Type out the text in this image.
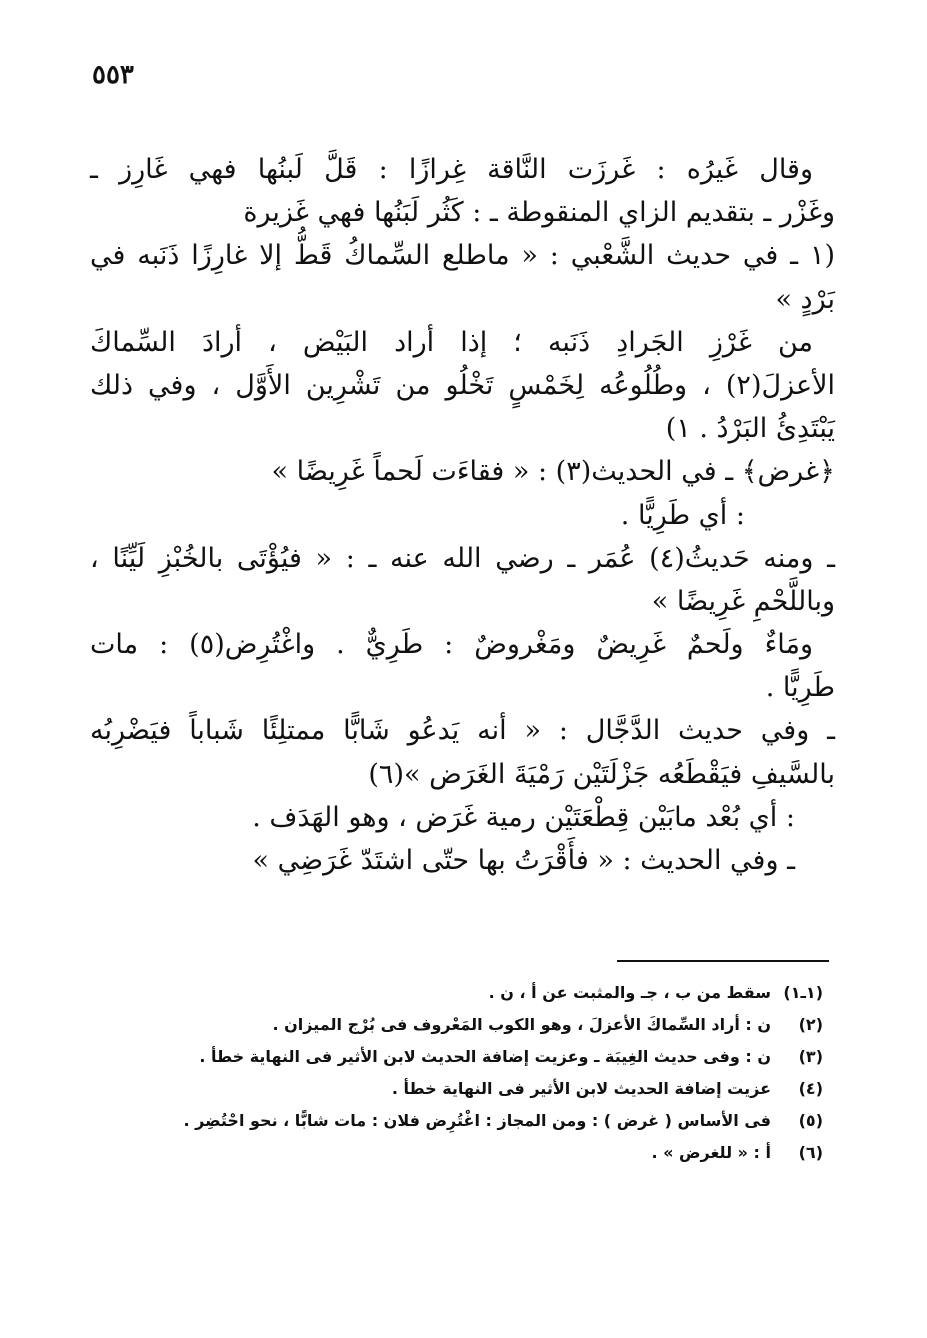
٥٥٣
وقال غَيرُه : غَرزَت النَّاقة غِرازًا : قَلَّ لَبنُها فهي غَارِز ـ
وغَزْر ـ بتقديم الزاي المنقوطة ـ : كَثُر لَبَنُها فهي غَزيرة
(١ ـ في حديث الشَّعْبي : « ماطلع السِّماكُ قَطُّ إلا غارِزًا ذَنَبه في
بَرْدٍ »
من غَرْزِ الجَرادِ ذَنَبه ؛ إذا أراد البَيْض ، أرادَ السِّماكَ
الأعزلَ(٢) ، وطُلُوعُه لِخَمْسٍ تَخْلُو من تَشْرِين الأَوَّل ، وفي ذلك
يَبْتَدِئُ البَرْدُ . ١)
﴿غرض﴾ ـ في الحديث(٣) : « فقاءَت لَحماً غَرِيضًا »
: أي طَرِيًّا .
ـ ومنه حَديثُ(٤) عُمَر ـ رضي الله عنه ـ : « فيُؤْتَى بالخُبْزِ لَيِّنًا ،
وباللَّحْمِ غَرِيضًا »
ومَاءٌ ولَحمٌ غَرِيضٌ ومَغْروضٌ : طَرِيٌّ . واغْتُرِض(٥) : مات
طَرِيًّا .
ـ وفي حديث الدَّجَّال : « أنه يَدعُو شَابًّا ممتلِئًا شَباباً فيَضْرِبُه
بالسَّيفِ فيَقْطَعُه جَزْلَتَيْن رَمْيَةَ الغَرَض »(٦)
: أي بُعْد مابَيْن قِطْعَتَيْن رمية غَرَض ، وهو الهَدَف .
ـ وفي الحديث : « فأَقْرَتُ بها حتّى اشتَدّ غَرَضِي »
(١ـ١)
سقط من ب ، جـ والمثبت عن أ ، ن .
(٢)
ن : أراد السِّماكَ الأعزلَ ، وهو الكوب المَعْروف فى بُرْج الميزان .
(٣)
ن : وفى حديث الغِيبَة ـ وعزيت إضافة الحديث لابن الأثير فى النهاية خطأ .
(٤)
عزيت إضافة الحديث لابن الأثير فى النهاية خطأ .
(٥)
فى الأساس ( غرض ) : ومن المجاز : اغْتُرِض فلان : مات شابًّا ، نحو احْتُضِر .
(٦)
أ : « للغرض » .
